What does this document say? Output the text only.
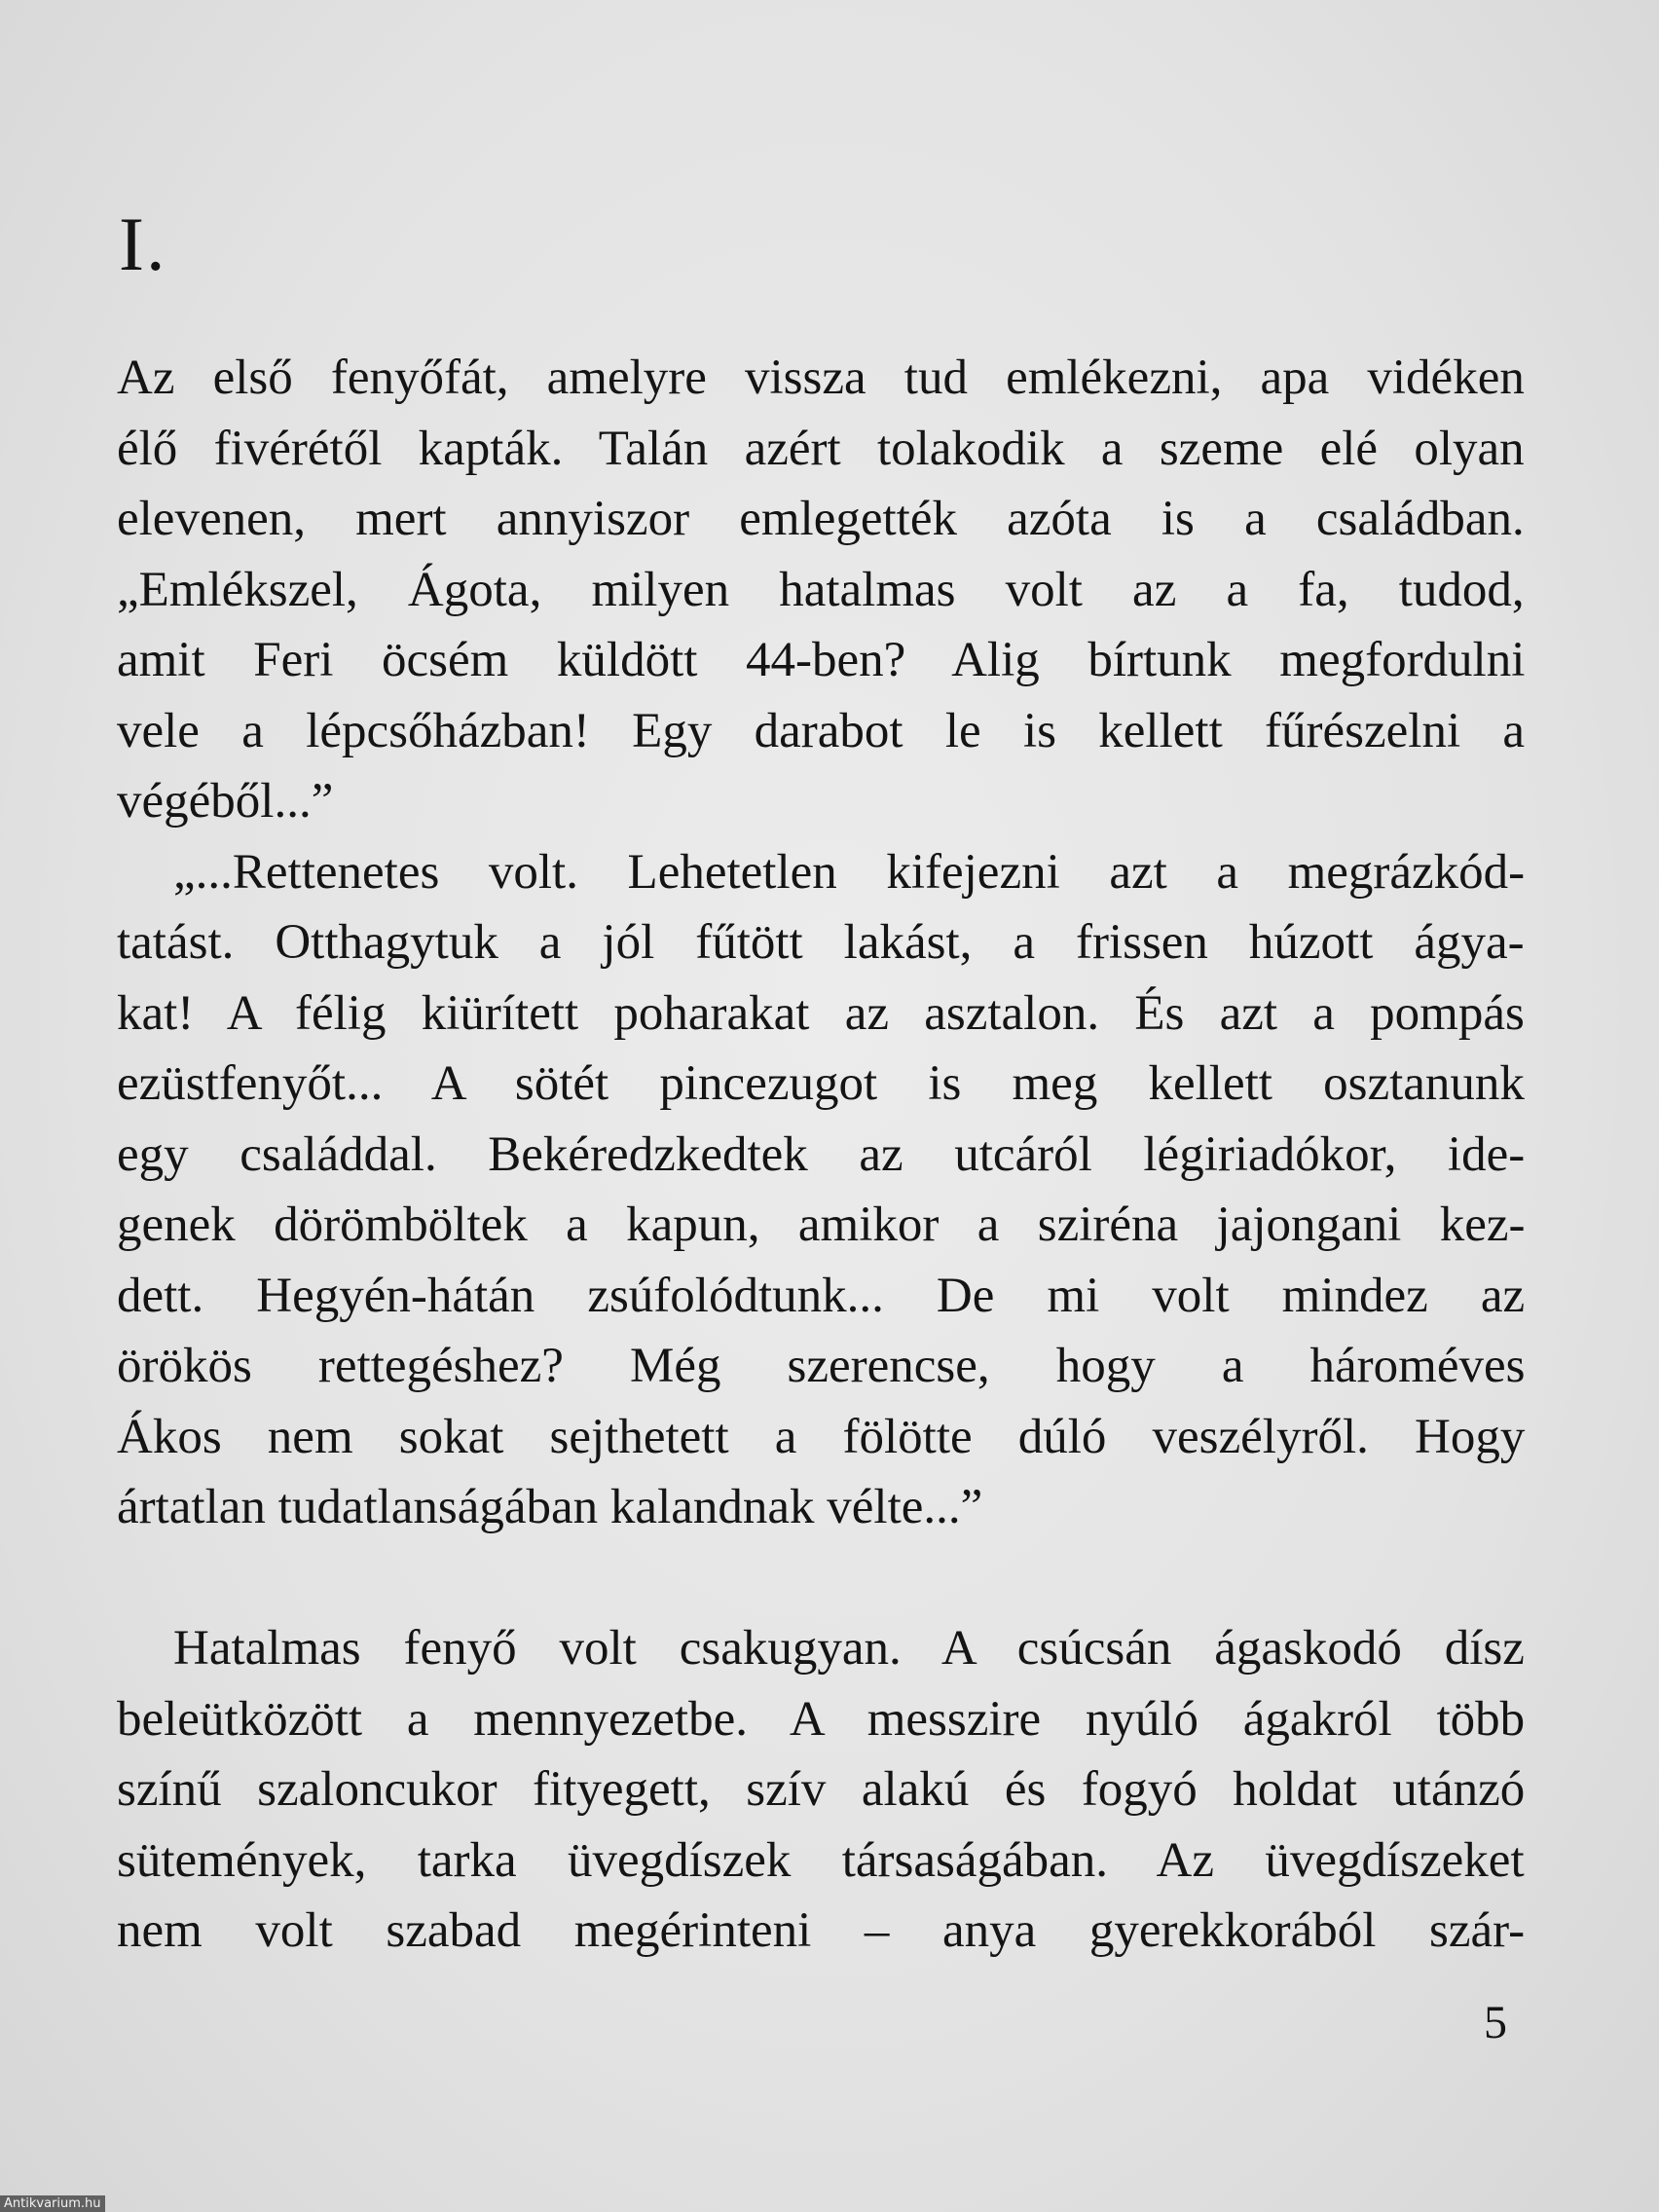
I.
Az első fenyőfát, amelyre vissza tud emlékezni, apa vidéken
élő fivérétől kapták. Talán azért tolakodik a szeme elé olyan
elevenen, mert annyiszor emlegették azóta is a családban.
„Emlékszel, Ágota, milyen hatalmas volt az a fa, tudod,
amit Feri öcsém küldött 44-ben? Alig bírtunk megfordulni
vele a lépcsőházban! Egy darabot le is kellett fűrészelni a
végéből...”
„...Rettenetes volt. Lehetetlen kifejezni azt a megrázkód-
tatást. Otthagytuk a jól fűtött lakást, a frissen húzott ágya-
kat! A félig kiürített poharakat az asztalon. És azt a pompás
ezüstfenyőt... A sötét pincezugot is meg kellett osztanunk
egy családdal. Bekéredzkedtek az utcáról légiriadókor, ide-
genek dörömböltek a kapun, amikor a sziréna jajongani kez-
dett. Hegyén-hátán zsúfolódtunk... De mi volt mindez az
örökös rettegéshez? Még szerencse, hogy a hároméves
Ákos nem sokat sejthetett a fölötte dúló veszélyről. Hogy
ártatlan tudatlanságában kalandnak vélte...”
Hatalmas fenyő volt csakugyan. A csúcsán ágaskodó dísz
beleütközött a mennyezetbe. A messzire nyúló ágakról több
színű szaloncukor fityegett, szív alakú és fogyó holdat utánzó
sütemények, tarka üvegdíszek társaságában. Az üvegdíszeket
nem volt szabad megérinteni – anya gyerekkorából szár-
5
Antikvarium.hu
